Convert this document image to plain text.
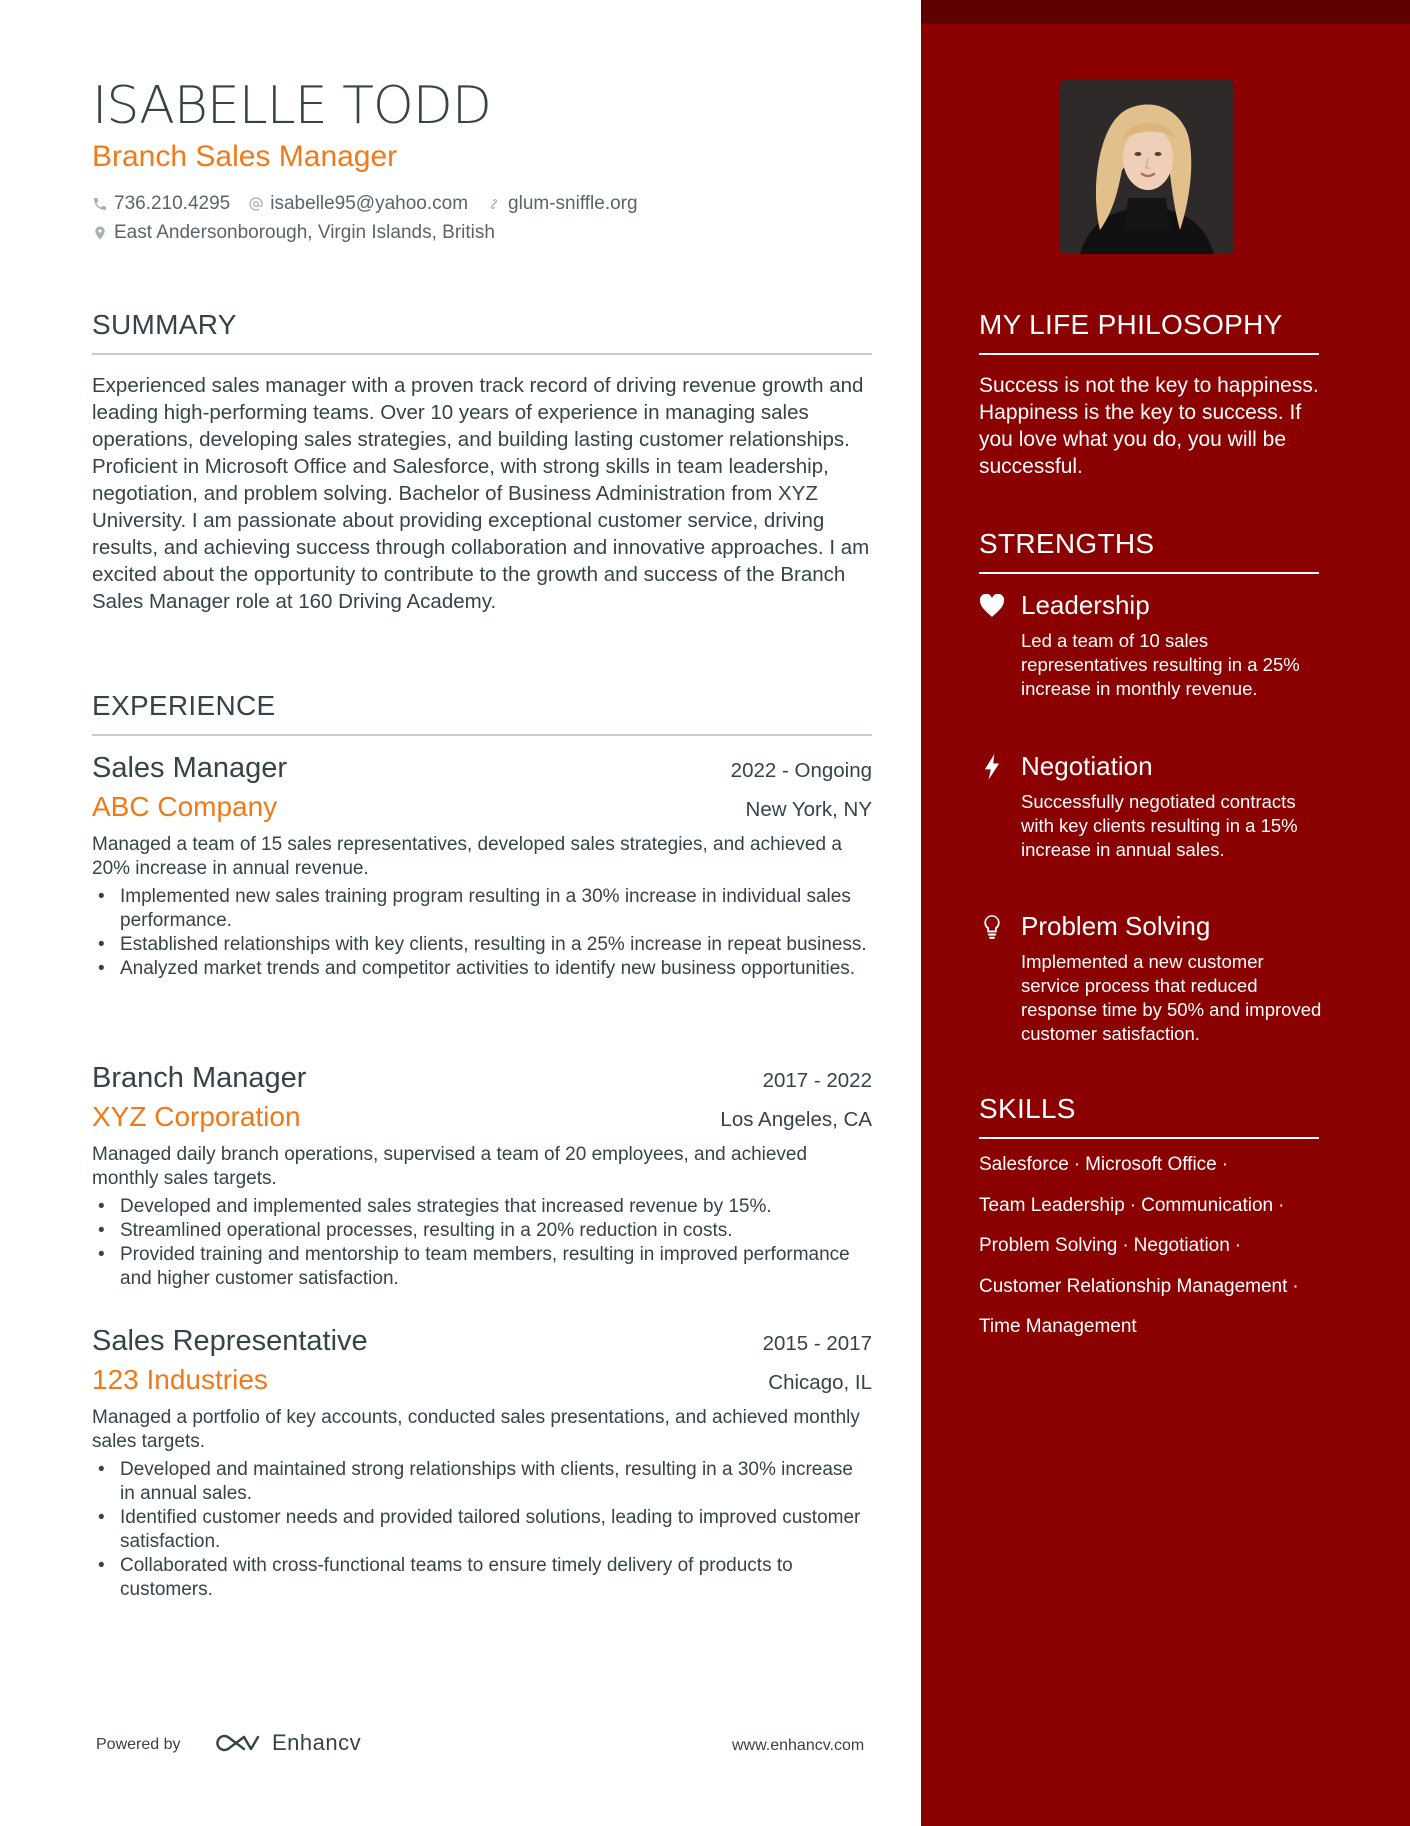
ISABELLE TODD
Branch Sales Manager
736.210.4295 isabelle95@yahoo.com glum-sniffle.org
East Andersonborough, Virgin Islands, British
SUMMARY
Experienced sales manager with a proven track record of driving revenue growth and leading high-performing teams. Over 10 years of experience in managing sales operations, developing sales strategies, and building lasting customer relationships. Proficient in Microsoft Office and Salesforce, with strong skills in team leadership, negotiation, and problem solving. Bachelor of Business Administration from XYZ University. I am passionate about providing exceptional customer service, driving results, and achieving success through collaboration and innovative approaches. I am excited about the opportunity to contribute to the growth and success of the Branch Sales Manager role at 160 Driving Academy.
EXPERIENCE
Sales Manager	2022 - Ongoing
ABC Company	New York, NY
Managed a team of 15 sales representatives, developed sales strategies, and achieved a 20% increase in annual revenue.
• Implemented new sales training program resulting in a 30% increase in individual sales performance.
• Established relationships with key clients, resulting in a 25% increase in repeat business.
• Analyzed market trends and competitor activities to identify new business opportunities.
Branch Manager	2017 - 2022
XYZ Corporation	Los Angeles, CA
Managed daily branch operations, supervised a team of 20 employees, and achieved monthly sales targets.
• Developed and implemented sales strategies that increased revenue by 15%.
• Streamlined operational processes, resulting in a 20% reduction in costs.
• Provided training and mentorship to team members, resulting in improved performance and higher customer satisfaction.
Sales Representative	2015 - 2017
123 Industries	Chicago, IL
Managed a portfolio of key accounts, conducted sales presentations, and achieved monthly sales targets.
• Developed and maintained strong relationships with clients, resulting in a 30% increase in annual sales.
• Identified customer needs and provided tailored solutions, leading to improved customer satisfaction.
• Collaborated with cross-functional teams to ensure timely delivery of products to customers.
Powered by	Enhancv	www.enhancv.com
MY LIFE PHILOSOPHY
Success is not the key to happiness. Happiness is the key to success. If you love what you do, you will be successful.
STRENGTHS
Leadership
Led a team of 10 sales representatives resulting in a 25% increase in monthly revenue.
Negotiation
Successfully negotiated contracts with key clients resulting in a 15% increase in annual sales.
Problem Solving
Implemented a new customer service process that reduced response time by 50% and improved customer satisfaction.
SKILLS
Salesforce · Microsoft Office ·
Team Leadership · Communication ·
Problem Solving · Negotiation ·
Customer Relationship Management ·
Time Management
